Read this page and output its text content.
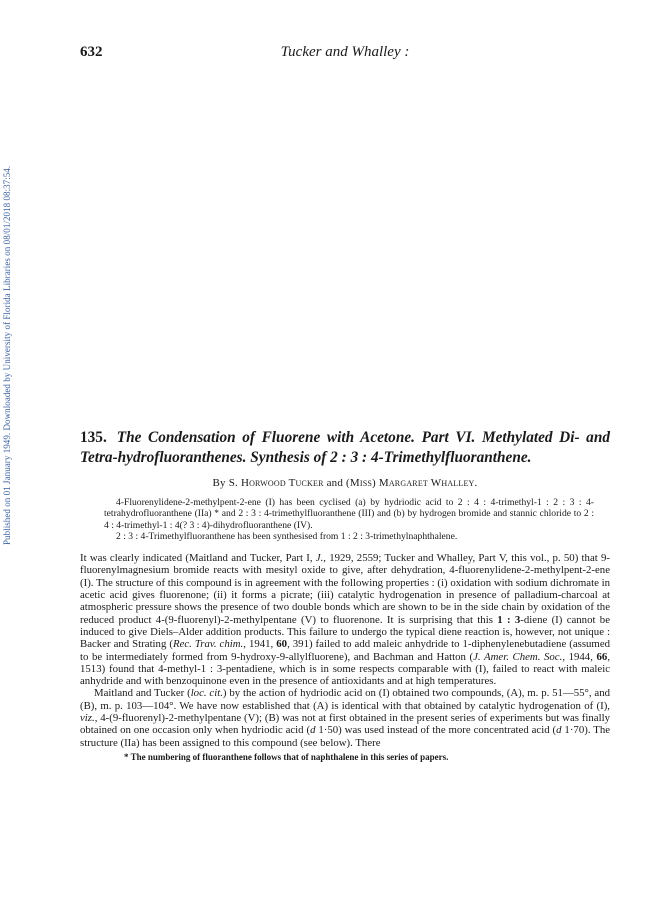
Published on 01 January 1949. Downloaded by University of Florida Libraries on 08/01/2018 08:37:54.
632	Tucker and Whalley :
135. The Condensation of Fluorene with Acetone. Part VI. Methylated Di- and Tetra-hydrofluoranthenes. Synthesis of 2 : 3 : 4-Trimethylfluoranthene.
By S. Horwood Tucker and (Miss) Margaret Whalley.

4-Fluorenylidene-2-methylpent-2-ene (I) has been cyclised (a) by hydriodic acid to 2 : 4 : 4-trimethyl-1 : 2 : 3 : 4-tetrahydrofluoranthene (IIa) * and 2 : 3 : 4-trimethylfluoranthene (III) and (b) by hydrogen bromide and stannic chloride to 2 : 4 : 4-trimethyl-1 : 4(? 3 : 4)-dihydrofluoranthene (IV).

2 : 3 : 4-Trimethylfluoranthene has been synthesised from 1 : 2 : 3-trimethylnaphthalene.

It was clearly indicated (Maitland and Tucker, Part I, J., 1929, 2559; Tucker and Whalley, Part V, this vol., p. 50) that 9-fluorenylmagnesium bromide reacts with mesityl oxide to give, after dehydration, 4-fluorenylidene-2-methylpent-2-ene (I). The structure of this compound is in agreement with the following properties : (i) oxidation with sodium dichromate in acetic acid gives fluorenone; (ii) it forms a picrate; (iii) catalytic hydrogenation in presence of palladium-charcoal at atmospheric pressure shows the presence of two double bonds which are shown to be in the side chain by oxidation of the reduced product 4-(9-fluorenyl)-2-methylpentane (V) to fluorenone. It is surprising that this 1 : 3-diene (I) cannot be induced to give Diels–Alder addition products. This failure to undergo the typical diene reaction is, however, not unique : Backer and Strating (Rec. Trav. chim., 1941, 60, 391) failed to add maleic anhydride to 1-diphenylenebutadiene (assumed to be intermediately formed from 9-hydroxy-9-allylfluorene), and Bachman and Hatton (J. Amer. Chem. Soc., 1944, 66, 1513) found that 4-methyl-1 : 3-pentadiene, which is in some respects comparable with (I), failed to react with maleic anhydride and with benzoquinone even in the presence of antioxidants and at high temperatures.

Maitland and Tucker (loc. cit.) by the action of hydriodic acid on (I) obtained two compounds, (A), m. p. 51—55°, and (B), m. p. 103—104°. We have now established that (A) is identical with that obtained by catalytic hydrogenation of (I), viz., 4-(9-fluorenyl)-2-methylpentane (V); (B) was not at first obtained in the present series of experiments but was finally obtained on one occasion only when hydriodic acid (d 1·50) was used instead of the more concentrated acid (d 1·70). The structure (IIa) has been assigned to this compound (see below). There

* The numbering of fluoranthene follows that of naphthalene in this series of papers.
